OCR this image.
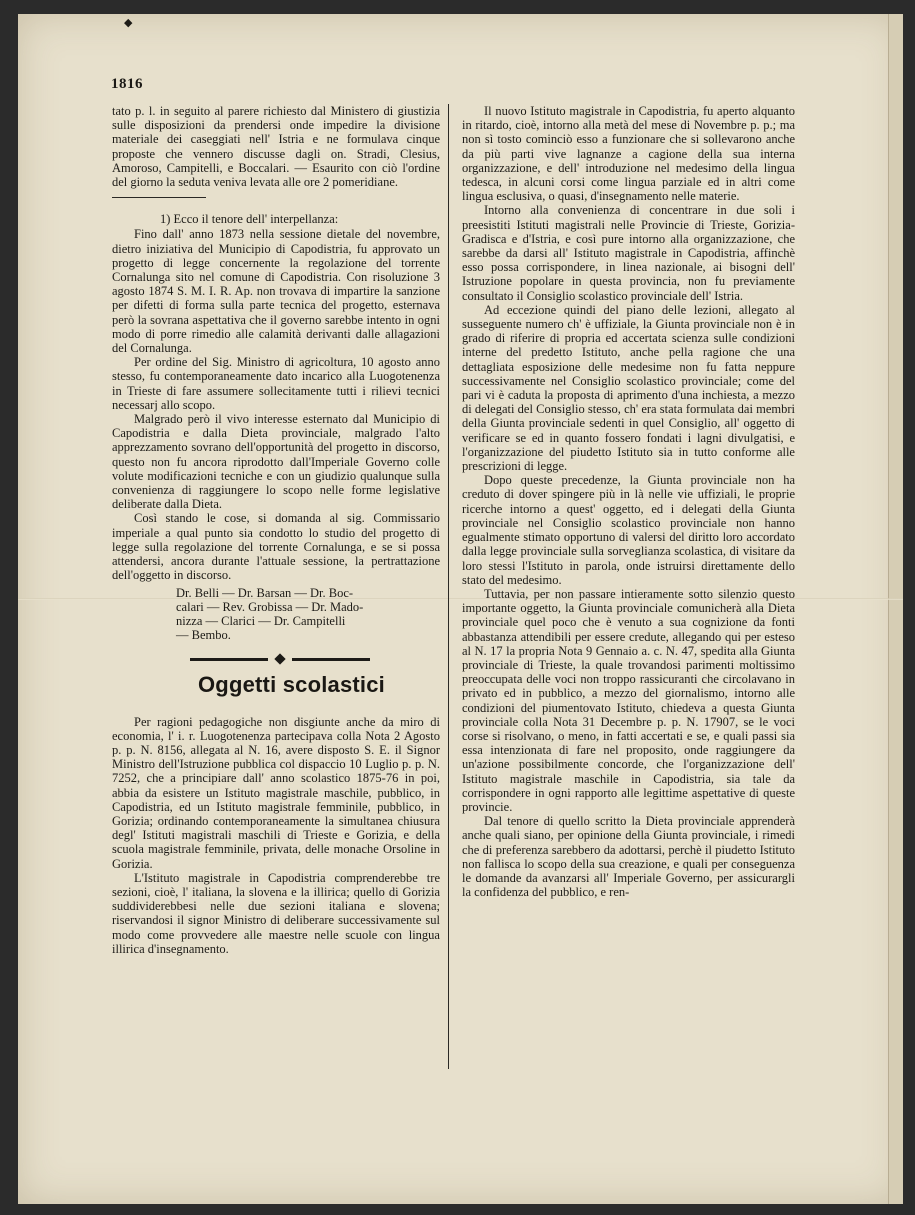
◆
1816

tato p. l. in seguito al parere richiesto dal Ministero di giustizia sulle disposizioni da prendersi onde impedire la divisione materiale dei caseggiati nell' Istria e ne formulava cinque proposte che vennero discusse dagli on. Stradi, Clesius, Amoroso, Campitelli, e Boccalari. — Esaurito con ciò l'ordine del giorno la seduta veniva levata alle ore 2 pomeridiane.

1) Ecco il tenore dell' interpellanza:

Fino dall' anno 1873 nella sessione dietale del novembre, dietro iniziativa del Municipio di Capodistria, fu approvato un progetto di legge concernente la regolazione del torrente Cornalunga sito nel comune di Capodistria. Con risoluzione 3 agosto 1874 S. M. I. R. Ap. non trovava di impartire la sanzione per difetti di forma sulla parte tecnica del progetto, esternava però la sovrana aspettativa che il governo sarebbe intento in ogni modo di porre rimedio alle calamità derivanti dalle allagazioni del Cornalunga.

Per ordine del Sig. Ministro di agricoltura, 10 agosto anno stesso, fu contemporaneamente dato incarico alla Luogotenenza in Trieste di fare assumere sollecitamente tutti i rilievi tecnici necessarj allo scopo.

Malgrado però il vivo interesse esternato dal Municipio di Capodistria e dalla Dieta provinciale, malgrado l'alto apprezzamento sovrano dell'opportunità del progetto in discorso, questo non fu ancora riprodotto dall'Imperiale Governo colle volute modificazioni tecniche e con un giudizio qualunque sulla convenienza di raggiungere lo scopo nelle forme legislative deliberate dalla Dieta.

Così stando le cose, si domanda al sig. Commissario imperiale a qual punto sia condotto lo studio del progetto di legge sulla regolazione del torrente Cornalunga, e se si possa attendersi, ancora durante l'attuale sessione, la pertrattazione dell'oggetto in discorso.

Dr. Belli — Dr. Barsan — Dr. Boc-
calari — Rev. Grobissa — Dr. Mado-
nizza — Clarici — Dr. Campitelli
— Bembo.
Oggetti scolastici

Per ragioni pedagogiche non disgiunte anche da miro di economia, l' i. r. Luogotenenza partecipava colla Nota 2 Agosto p. p. N. 8156, allegata al N. 16, avere disposto S. E. il Signor Ministro dell'Istruzione pubblica col dispaccio 10 Luglio p. p. N. 7252, che a principiare dall' anno scolastico 1875-76 in poi, abbia da esistere un Istituto magistrale maschile, pubblico, in Capodistria, ed un Istituto magistrale femminile, pubblico, in Gorizia; ordinando contemporaneamente la simultanea chiusura degl' Istituti magistrali maschili di Trieste e Gorizia, e della scuola magistrale femminile, privata, delle monache Orsoline in Gorizia.

L'Istituto magistrale in Capodistria comprenderebbe tre sezioni, cioè, l' italiana, la slovena e la illirica; quello di Gorizia suddividerebbesi nelle due sezioni italiana e slovena; riservandosi il signor Ministro di deliberare successivamente sul modo come provvedere alle maestre nelle scuole con lingua illirica d'insegnamento.

Il nuovo Istituto magistrale in Capodistria, fu aperto alquanto in ritardo, cioè, intorno alla metà del mese di Novembre p. p.; ma non sì tosto cominciò esso a funzionare che si sollevarono anche da più parti vive lagnanze a cagione della sua interna organizzazione, e dell' introduzione nel medesimo della lingua tedesca, in alcuni corsi come lingua parziale ed in altri come lingua esclusiva, o quasi, d'insegnamento nelle materie.

Intorno alla convenienza di concentrare in due soli i preesistiti Istituti magistrali nelle Provincie di Trieste, Gorizia-Gradisca e d'Istria, e così pure intorno alla organizzazione, che sarebbe da darsi all' Istituto magistrale in Capodistria, affinchè esso possa corrispondere, in linea nazionale, ai bisogni dell' Istruzione popolare in questa provincia, non fu previamente consultato il Consiglio scolastico provinciale dell' Istria.

Ad eccezione quindi del piano delle lezioni, allegato al susseguente numero ch' è uffiziale, la Giunta provinciale non è in grado di riferire di propria ed accertata scienza sulle condizioni interne del predetto Istituto, anche pella ragione che una dettagliata esposizione delle medesime non fu fatta neppure successivamente nel Consiglio scolastico provinciale; come del pari vi è caduta la proposta di aprimento d'una inchiesta, a mezzo di delegati del Consiglio stesso, ch' era stata formulata dai membri della Giunta provinciale sedenti in quel Consiglio, all' oggetto di verificare se ed in quanto fossero fondati i lagni divulgatisi, e l'organizzazione del piudetto Istituto sia in tutto conforme alle prescrizioni di legge.

Dopo queste precedenze, la Giunta provinciale non ha creduto di dover spingere più in là nelle vie uffiziali, le proprie ricerche intorno a quest' oggetto, ed i delegati della Giunta provinciale nel Consiglio scolastico provinciale non hanno egualmente stimato opportuno di valersi del diritto loro accordato dalla legge provinciale sulla sorveglianza scolastica, di visitare da loro stessi l'Istituto in parola, onde istruirsi direttamente dello stato del medesimo.

Tuttavia, per non passare intieramente sotto silenzio questo importante oggetto, la Giunta provinciale comunicherà alla Dieta provinciale quel poco che è venuto a sua cognizione da fonti abbastanza attendibili per essere credute, allegando qui per esteso al N. 17 la propria Nota 9 Gennaio a. c. N. 47, spedita alla Giunta provinciale di Trieste, la quale trovandosi parimenti moltissimo preoccupata delle voci non troppo rassicuranti che circolavano in privato ed in pubblico, a mezzo del giornalismo, intorno alle condizioni del piumentovato Istituto, chiedeva a questa Giunta provinciale colla Nota 31 Decembre p. p. N. 17907, se le voci corse si risolvano, o meno, in fatti accertati e se, e quali passi sia essa intenzionata di fare nel proposito, onde raggiungere da un'azione possibilmente concorde, che l'organizzazione dell' Istituto magistrale maschile in Capodistria, sia tale da corrispondere in ogni rapporto alle legittime aspettative di queste provincie.

Dal tenore di quello scritto la Dieta provinciale apprenderà anche quali siano, per opinione della Giunta provinciale, i rimedi che di preferenza sarebbero da adottarsi, perchè il piudetto Istituto non fallisca lo scopo della sua creazione, e quali per conseguenza le domande da avanzarsi all' Imperiale Governo, per assicurargli la confidenza del pubblico, e ren-
